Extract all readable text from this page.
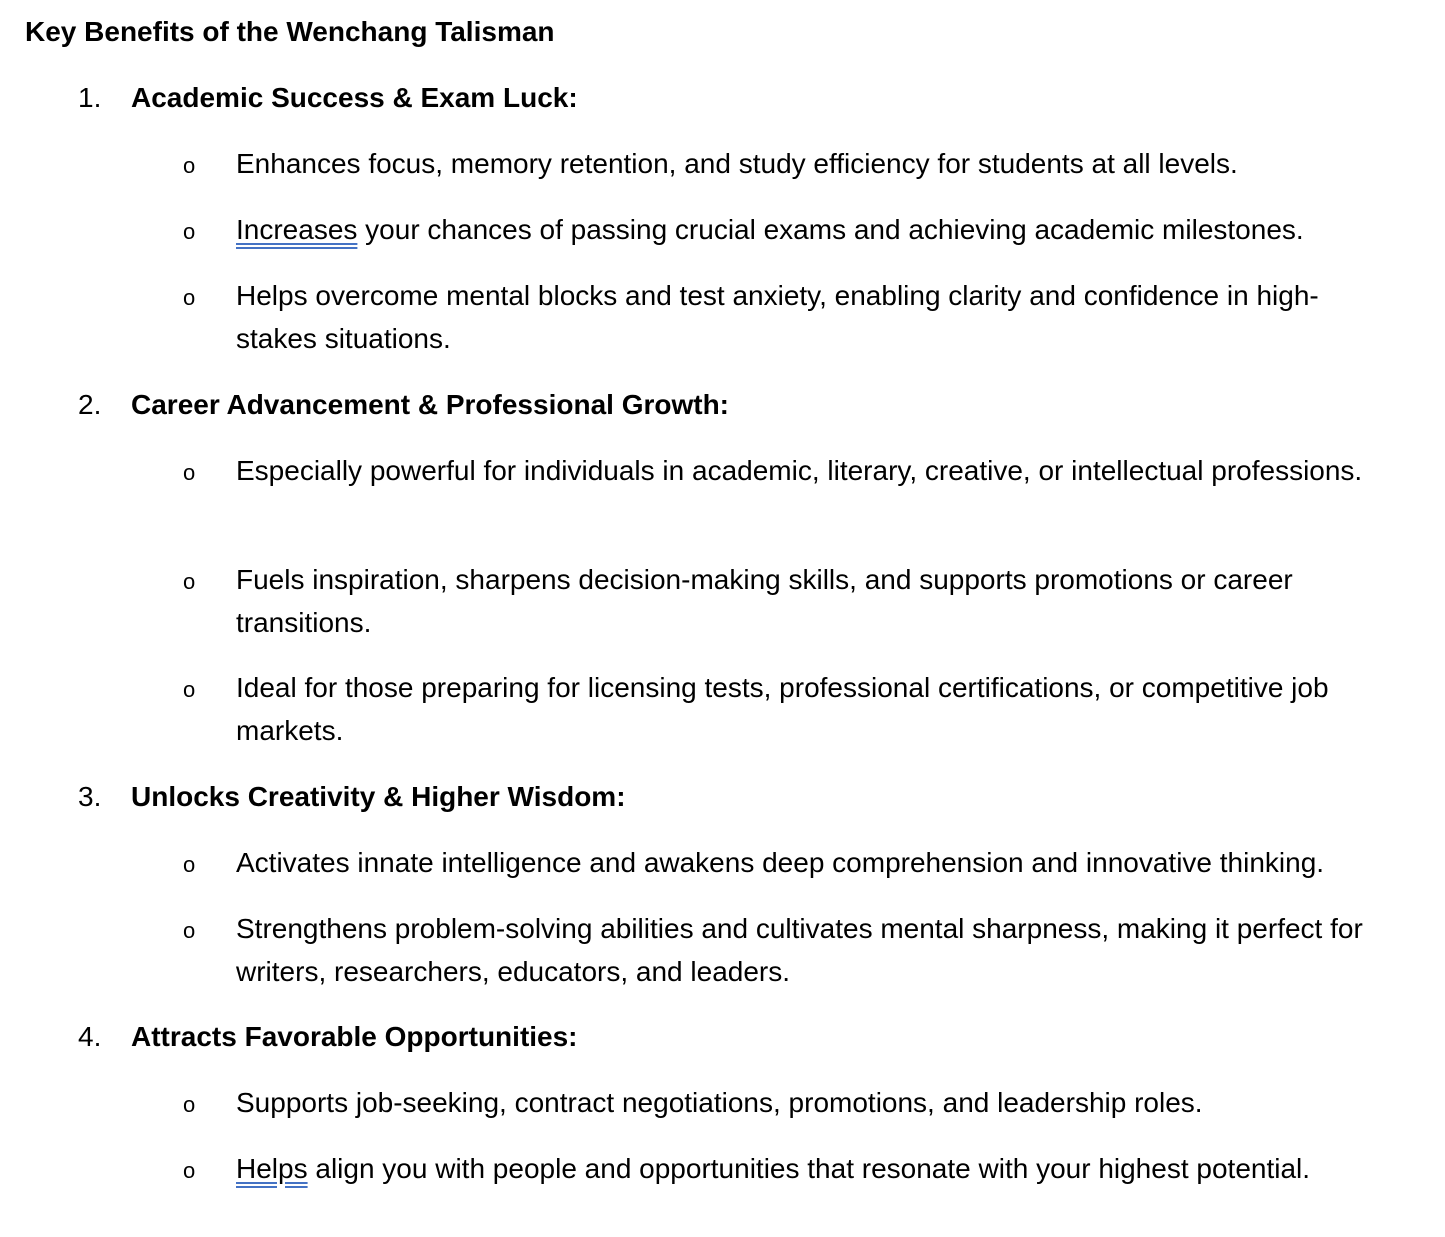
Key Benefits of the Wenchang Talisman
1. Academic Success & Exam Luck:
o Enhances focus, memory retention, and study efficiency for students at all levels.
o Increases your chances of passing crucial exams and achieving academic milestones.
o Helps overcome mental blocks and test anxiety, enabling clarity and confidence in high-stakes situations.
2. Career Advancement & Professional Growth:
o Especially powerful for individuals in academic, literary, creative, or intellectual professions.
o Fuels inspiration, sharpens decision-making skills, and supports promotions or career transitions.
o Ideal for those preparing for licensing tests, professional certifications, or competitive job markets.
3. Unlocks Creativity & Higher Wisdom:
o Activates innate intelligence and awakens deep comprehension and innovative thinking.
o Strengthens problem-solving abilities and cultivates mental sharpness, making it perfect for writers, researchers, educators, and leaders.
4. Attracts Favorable Opportunities:
o Supports job-seeking, contract negotiations, promotions, and leadership roles.
o Helps align you with people and opportunities that resonate with your highest potential.
